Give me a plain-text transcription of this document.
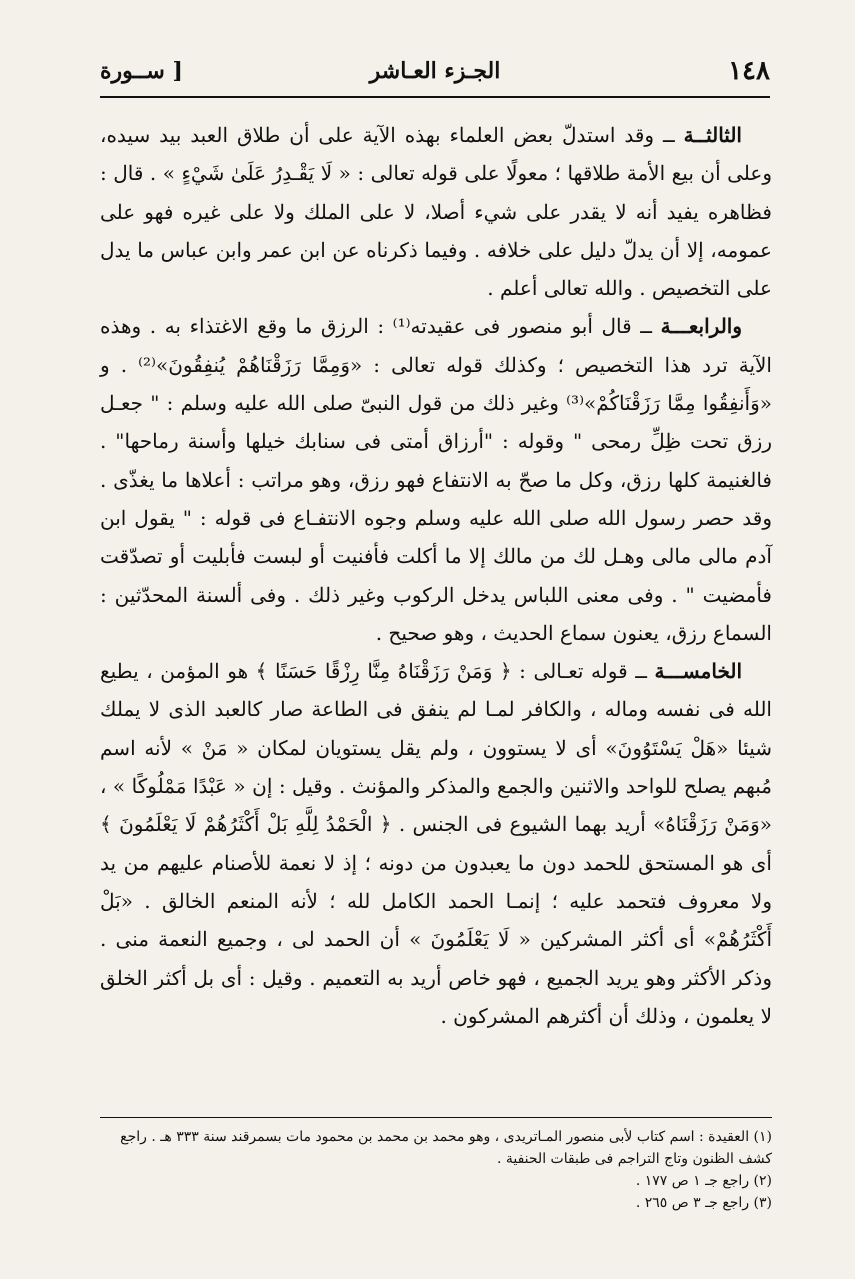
١٤٨
الجـزء العـاشر
[ ســورة

الثالثــة ــ وقد استدلّ بعض العلماء بهذه الآية على أن طلاق العبد بيد سيده، وعلى أن بيع الأمة طلاقها ؛ معولًا على قوله تعالى : « لَا يَقْـدِرُ عَلَىٰ شَيْءٍ » . قال : فظاهره يفيد أنه لا يقدر على شيء أصلا، لا على الملك ولا على غيره فهو على عمومه، إلا أن يدلّ دليل على خلافه . وفيما ذكرناه عن ابن عمر وابن عباس ما يدل على التخصيص . والله تعالى أعلم .

والرابعـــة ــ قال أبو منصور فى عقيدته⁽¹⁾ : الرزق ما وقع الاغتذاء به . وهذه الآية ترد هذا التخصيص ؛ وكذلك قوله تعالى : «وَمِمَّا رَزَقْنَاهُمْ يُنفِقُونَ»⁽²⁾ . و «وَأَنفِقُوا مِمَّا رَزَقْنَاكُمْ»⁽³⁾ وغير ذلك من قول النبىّ صلى الله عليه وسلم : " جعـل رزق تحت ظِلِّ رمحى " وقوله : "أرزاق أمتى فى سنابك خيلها وأسنة رماحها" . فالغنيمة كلها رزق، وكل ما صحّ به الانتفاع فهو رزق، وهو مراتب : أعلاها ما يغذّى . وقد حصر رسول الله صلى الله عليه وسلم وجوه الانتفـاع فى قوله : " يقول ابن آدم مالى مالى وهـل لك من مالك إلا ما أكلت فأفنيت أو لبست فأبليت أو تصدّقت فأمضيت " . وفى معنى اللباس يدخل الركوب وغير ذلك . وفى ألسنة المحدّثين : السماع رزق، يعنون سماع الحديث ، وهو صحيح .

الخامســـة ــ قوله تعـالى : ﴿ وَمَنْ رَزَقْنَاهُ مِنَّا رِزْقًا حَسَنًا ﴾ هو المؤمن ، يطيع الله فى نفسه وماله ، والكافر لمـا لم ينفق فى الطاعة صار كالعبد الذى لا يملك شيئا «هَلْ يَسْتَوُونَ» أى لا يستوون ، ولم يقل يستويان لمكان « مَنْ » لأنه اسم مُبهم يصلح للواحد والاثنين والجمع والمذكر والمؤنث . وقيل : إن « عَبْدًا مَمْلُوكًا » ، «وَمَنْ رَزَقْنَاهُ» أريد بهما الشيوع فى الجنس . ﴿ الْحَمْدُ لِلَّهِ بَلْ أَكْثَرُهُمْ لَا يَعْلَمُونَ ﴾ أى هو المستحق للحمد دون ما يعبدون من دونه ؛ إذ لا نعمة للأصنام عليهم من يد ولا معروف فتحمد عليه ؛ إنمـا الحمد الكامل لله ؛ لأنه المنعم الخالق . «بَلْ أَكْثَرُهُمْ» أى أكثر المشركين « لَا يَعْلَمُونَ » أن الحمد لى ، وجميع النعمة منى . وذكر الأكثر وهو يريد الجميع ، فهو خاص أريد به التعميم . وقيل : أى بل أكثر الخلق لا يعلمون ، وذلك أن أكثرهم المشركون .

(١) العقيدة : اسم كتاب لأبى منصور المـاتريدى ، وهو محمد بن محمد بن محمود مات بسمرقند سنة ٣٣٣ هـ . راجع كشف الظنون وتاج التراجم فى طبقات الحنفية .

(٢) راجع جـ ١ ص ١٧٧ .

(٣) راجع جـ ٣ ص ٢٦٥ .
